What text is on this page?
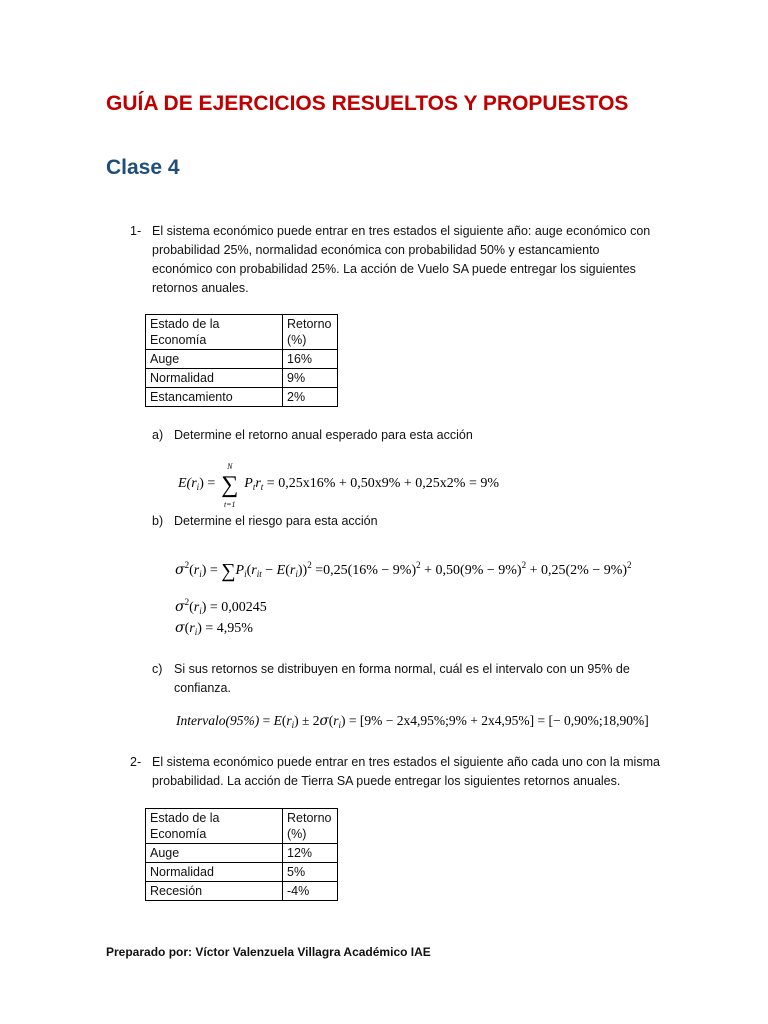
GUÍA DE EJERCICIOS RESUELTOS Y PROPUESTOS
Clase 4
1- El sistema económico puede entrar en tres estados el siguiente año: auge económico con probabilidad 25%, normalidad económica con probabilidad 50% y estancamiento económico con probabilidad 25%. La acción de Vuelo SA puede entregar los siguientes retornos anuales.
Estado de la Economía	Retorno (%)
Auge	16%
Normalidad	9%
Estancamiento	2%
a) Determine el retorno anual esperado para esta acción
$E(r_i)$ =
N
∑
t=1
$P_tr_t = 0,25x16\% + 0,50x9\% + 0,25x2\% = 9\%$
b) Determine el riesgo para esta acción
$\sigma^2(r_i) = \sum P_i(r_{it} - E(r_i))^2 =0,25(16\% - 9\%)^2 + 0,50(9\% - 9\%)^2 + 0,25(2\% - 9\%)^2$
$\sigma^2(r_i) = 0,00245$
$\sigma(r_i) = 4,95\%$
c) Si sus retornos se distribuyen en forma normal, cuál es el intervalo con un 95% de confianza.
Intervalo(95%) = $E(r_i) \pm 2\sigma(r_i) = [9\%$ − 2x4,95%;9% + 2x4,95%] = [− 0,90%;18,90%]
2- El sistema económico puede entrar en tres estados el siguiente año cada uno con la misma probabilidad. La acción de Tierra SA puede entregar los siguientes retornos anuales.
Estado de la Economía	Retorno (%)
Auge	12%
Normalidad	5%
Recesión	-4%
Preparado por: Víctor Valenzuela Villagra Académico IAE
